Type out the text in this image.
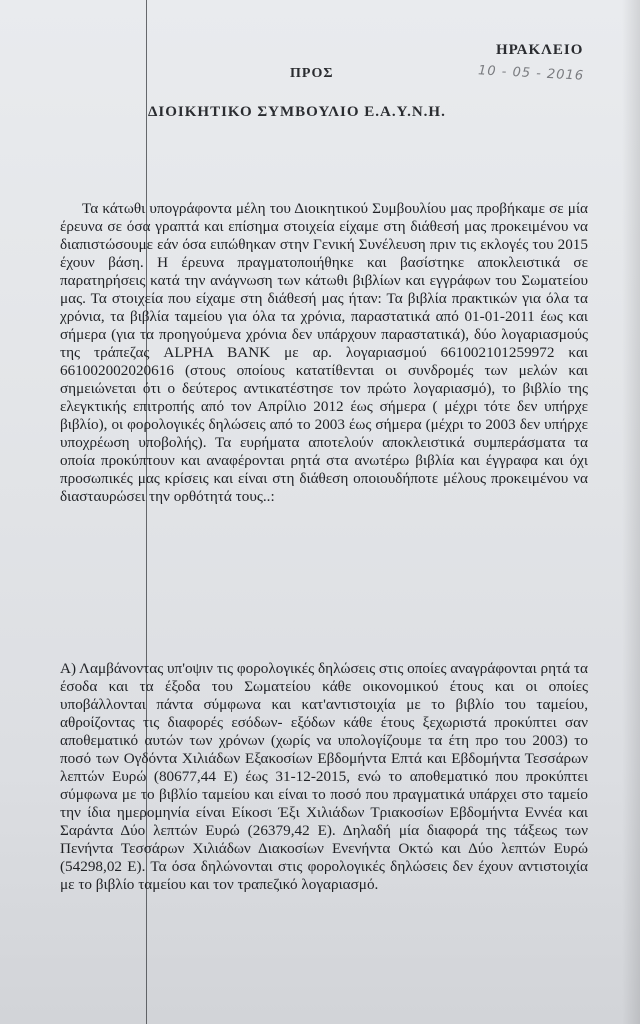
ΗΡΑΚΛΕΙΟ
10 - 05 - 2016
ΠΡΟΣ
ΔΙΟΙΚΗΤΙΚΟ ΣΥΜΒΟΥΛΙΟ Ε.Α.Υ.Ν.Η.

Τα κάτωθι υπογράφοντα μέλη του Διοικητικού Συμβουλίου μας προβήκαμε σε μία έρευνα σε όσα γραπτά και επίσημα στοιχεία είχαμε στη διάθεσή μας προκειμένου να διαπιστώσουμε εάν όσα ειπώθηκαν στην Γενική Συνέλευση πριν τις εκλογές του 2015 έχουν βάση. Η έρευνα πραγματοποιήθηκε και βασίστηκε αποκλειστικά σε παρατηρήσεις κατά την ανάγνωση των κάτωθι βιβλίων και εγγράφων του Σωματείου μας. Τα στοιχεία που είχαμε στη διάθεσή μας ήταν: Τα βιβλία πρακτικών για όλα τα χρόνια, τα βιβλία ταμείου για όλα τα χρόνια, παραστατικά από 01-01-2011 έως και σήμερα (για τα προηγούμενα χρόνια δεν υπάρχουν παραστατικά), δύο λογαριασμούς της τράπεζας ALPHA BANK με αρ. λογαριασμού 661002101259972 και 661002002020616 (στους οποίους κατατίθενται οι συνδρομές των μελών και σημειώνεται ότι ο δεύτερος αντικατέστησε τον πρώτο λογαριασμό), το βιβλίο της ελεγκτικής επιτροπής από τον Απρίλιο 2012 έως σήμερα ( μέχρι τότε δεν υπήρχε βιβλίο), οι φορολογικές δηλώσεις από το 2003 έως σήμερα (μέχρι το 2003 δεν υπήρχε υποχρέωση υποβολής). Τα ευρήματα αποτελούν αποκλειστικά συμπεράσματα τα οποία προκύπτουν και αναφέρονται ρητά στα ανωτέρω βιβλία και έγγραφα και όχι προσωπικές μας κρίσεις και είναι στη διάθεση οποιουδήποτε μέλους προκειμένου να διασταυρώσει την ορθότητά τους..:

Α) Λαμβάνοντας υπ'οψιν τις φορολογικές δηλώσεις στις οποίες αναγράφονται ρητά τα έσοδα και τα έξοδα του Σωματείου κάθε οικονομικού έτους και οι οποίες υποβάλλονται πάντα σύμφωνα και κατ'αντιστοιχία με το βιβλίο του ταμείου, αθροίζοντας τις διαφορές εσόδων- εξόδων κάθε έτους ξεχωριστά προκύπτει σαν αποθεματικό αυτών των χρόνων (χωρίς να υπολογίζουμε τα έτη προ του 2003) το ποσό των Ογδόντα Χιλιάδων Εξακοσίων Εβδομήντα Επτά και Εβδομήντα Τεσσάρων λεπτών Ευρώ (80677,44 Ε) έως 31-12-2015, ενώ το αποθεματικό που προκύπτει σύμφωνα με το βιβλίο ταμείου και είναι το ποσό που πραγματικά υπάρχει στο ταμείο την ίδια ημερομηνία είναι Είκοσι Έξι Χιλιάδων Τριακοσίων Εβδομήντα Εννέα και Σαράντα Δύο λεπτών Ευρώ (26379,42 Ε). Δηλαδή μία διαφορά της τάξεως των Πενήντα Τεσσάρων Χιλιάδων Διακοσίων Ενενήντα Οκτώ και Δύο λεπτών Ευρώ (54298,02 Ε). Τα όσα δηλώνονται στις φορολογικές δηλώσεις δεν έχουν αντιστοιχία με το βιβλίο ταμείου και τον τραπεζικό λογαριασμό.
